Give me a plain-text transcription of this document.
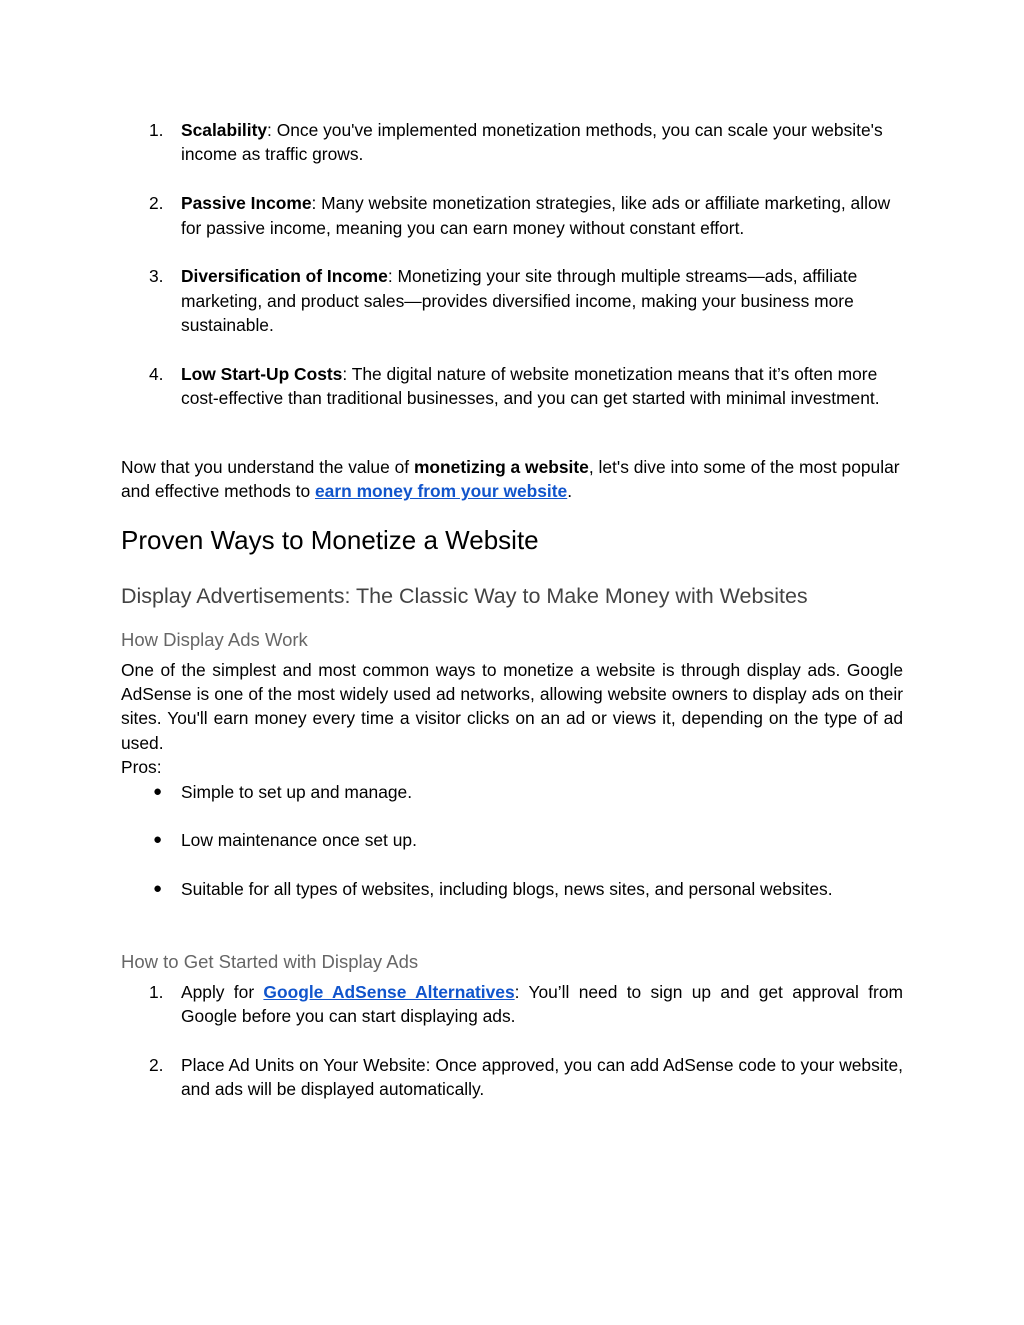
1. Scalability: Once you've implemented monetization methods, you can scale your website's income as traffic grows.
2. Passive Income: Many website monetization strategies, like ads or affiliate marketing, allow for passive income, meaning you can earn money without constant effort.
3. Diversification of Income: Monetizing your site through multiple streams—ads, affiliate marketing, and product sales—provides diversified income, making your business more sustainable.
4. Low Start-Up Costs: The digital nature of website monetization means that it’s often more cost-effective than traditional businesses, and you can get started with minimal investment.

Now that you understand the value of monetizing a website, let's dive into some of the most popular and effective methods to earn money from your website.

Proven Ways to Monetize a Website
Display Advertisements: The Classic Way to Make Money with Websites
How Display Ads Work

One of the simplest and most common ways to monetize a website is through display ads. Google AdSense is one of the most widely used ad networks, allowing website owners to display ads on their sites. You'll earn money every time a visitor clicks on an ad or views it, depending on the type of ad used.

Pros:

● Simple to set up and manage.
● Low maintenance once set up.
● Suitable for all types of websites, including blogs, news sites, and personal websites.
How to Get Started with Display Ads
1. Apply for Google AdSense Alternatives: You’ll need to sign up and get approval from Google before you can start displaying ads.
2. Place Ad Units on Your Website: Once approved, you can add AdSense code to your website, and ads will be displayed automatically.
